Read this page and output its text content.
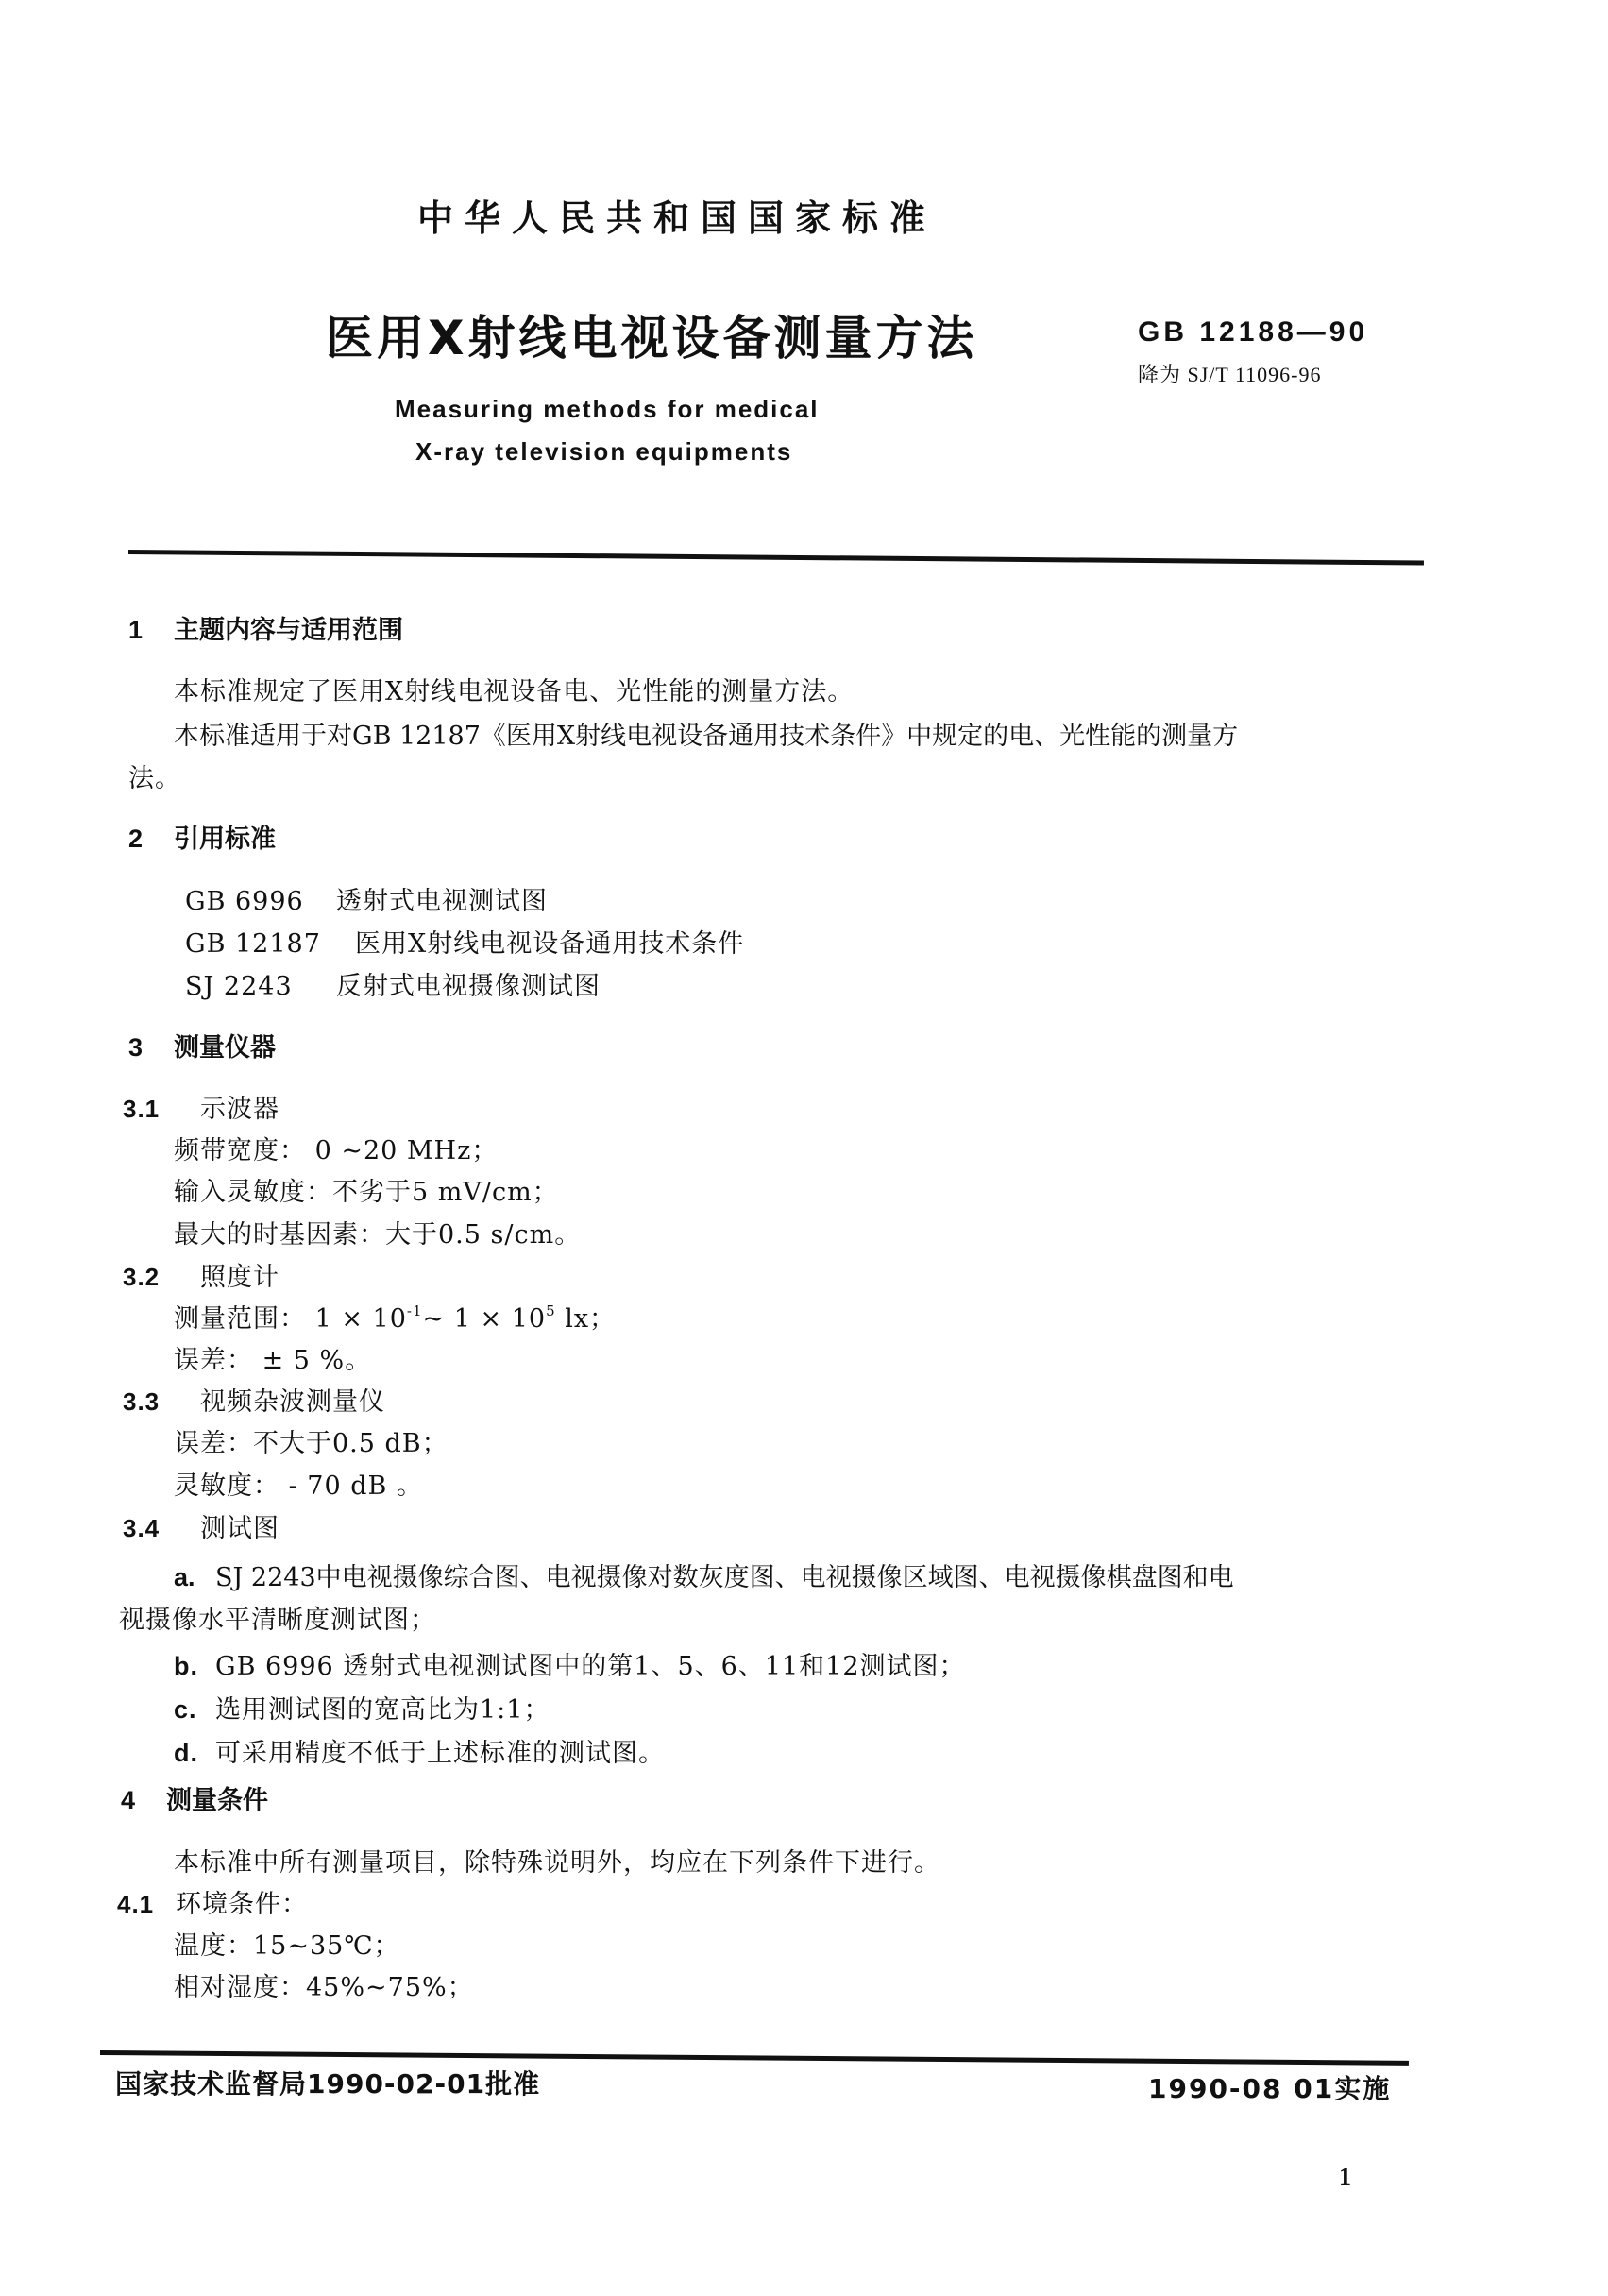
中华人民共和国国家标准
医用X射线电视设备测量方法	GB 12188—90
降为 SJ/T 11096-96
Measuring methods for medical
X-ray television equipments
1 主题内容与适用范围
本标准规定了医用X射线电视设备电、光性能的测量方法。
本标准适用于对GB 12187《医用X射线电视设备通用技术条件》中规定的电、光性能的测量方
法。
2 引用标准
GB 6996 透射式电视测试图
GB 12187 医用X射线电视设备通用技术条件
SJ 2243 反射式电视摄像测试图
3 测量仪器
3.1 示波器
频带宽度： 0 ~20 MHz；
输入灵敏度：不劣于5 mV/cm；
最大的时基因素：大于0.5 s/cm。
3.2 照度计
测量范围： $1 \times 10^{-1}\sim$ $1 \times 10^5$ lx；
误差： ± 5 %。
3.3 视频杂波测量仪
误差：不大于0.5 dB；
灵敏度： - 70 dB 。
3.4 测试图
a. SJ 2243中电视摄像综合图、电视摄像对数灰度图、电视摄像区域图、电视摄像棋盘图和电
视摄像水平清晰度测试图；
b. GB 6996 透射式电视测试图中的第1、5、6、11和12测试图；
c. 选用测试图的宽高比为1:1；
d. 可采用精度不低于上述标准的测试图。
4 测量条件
本标准中所有测量项目，除特殊说明外，均应在下列条件下进行。
4.1 环境条件：
温度：15~35℃；
相对湿度：45%~75%；
国家技术监督局1990-02-01批准	1990-08 01实施
1
